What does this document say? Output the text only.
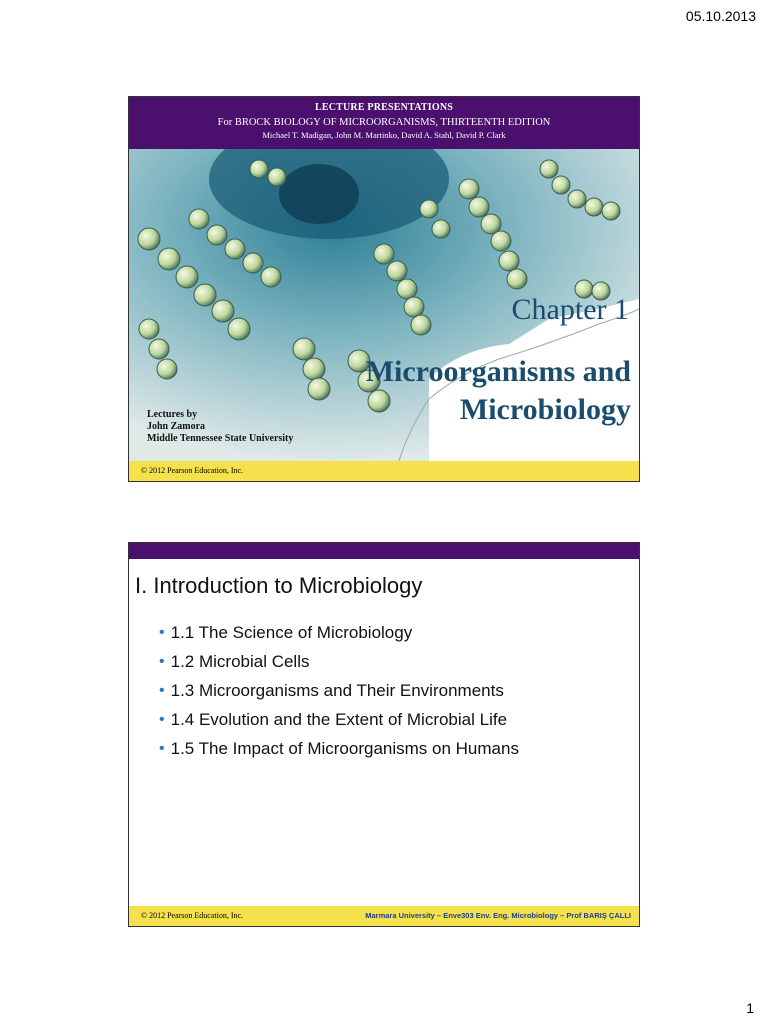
05.10.2013
LECTURE PRESENTATIONS
For BROCK BIOLOGY OF MICROORGANISMS, THIRTEENTH EDITION
Michael T. Madigan, John M. Martinko, David A. Stahl, David P. Clark
Chapter 1
Microorganisms and
Microbiology
Lectures by
John Zamora
Middle Tennessee State University
© 2012 Pearson Education, Inc.
I. Introduction to Microbiology
• 1.1 The Science of Microbiology
• 1.2 Microbial Cells
• 1.3 Microorganisms and Their Environments
• 1.4 Evolution and the Extent of Microbial Life
• 1.5 The Impact of Microorganisms on Humans
© 2012 Pearson Education, Inc.	Marmara University – Enve303 Env. Eng. Microbiology – Prof BARIŞ ÇALLI
1
